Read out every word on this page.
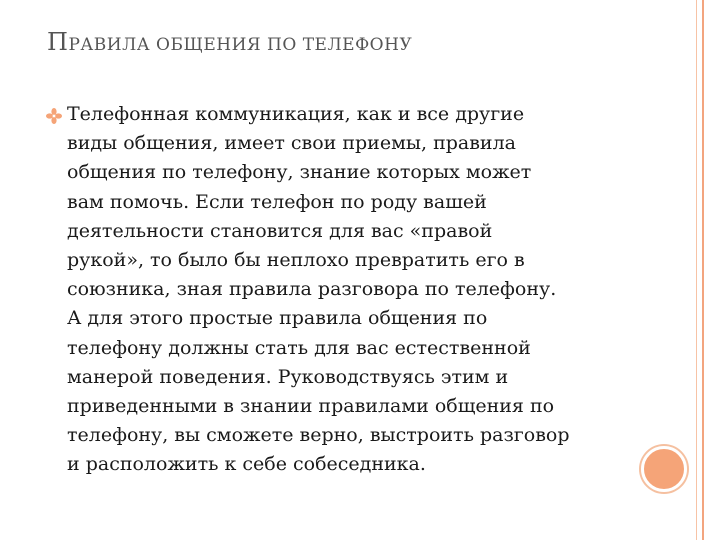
ПРАВИЛА ОБЩЕНИЯ ПО ТЕЛЕФОНУ

Телефонная коммуникация, как и все другие
виды общения, имеет свои приемы, правила
общения по телефону, знание которых может
вам помочь. Если телефон по роду вашей
деятельности становится для вас «правой
рукой», то было бы неплохо превратить его в
союзника, зная правила разговора по телефону.
А для этого простые правила общения по
телефону должны стать для вас естественной
манерой поведения. Руководствуясь этим и
приведенными в знании правилами общения по
телефону, вы сможете верно, выстроить разговор
и расположить к себе собеседника.
